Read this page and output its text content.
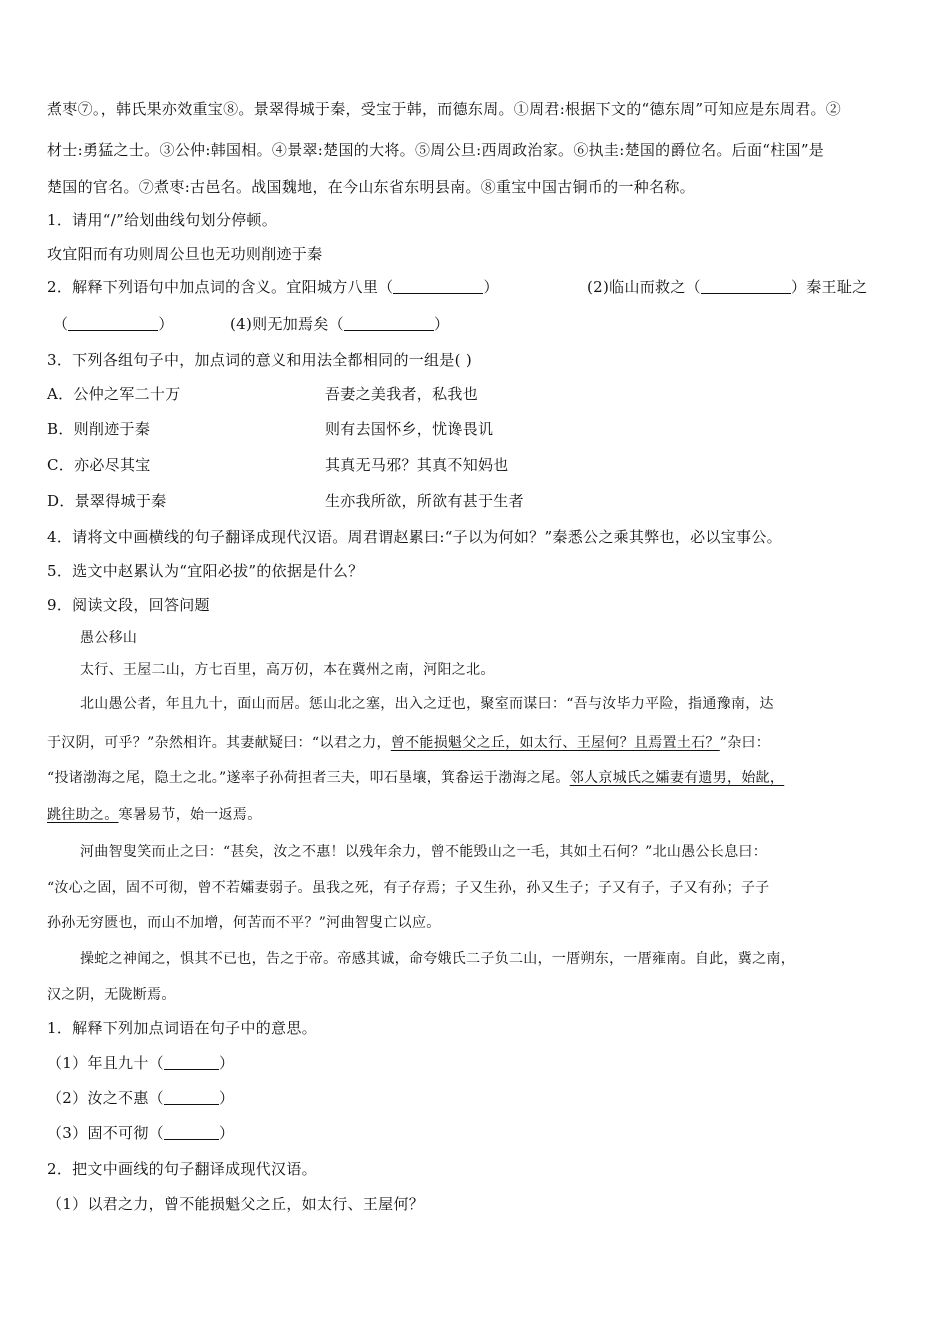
煮枣⑦。，韩氏果亦效重宝⑧。景翠得城于秦，受宝于韩，而德东周。①周君:根据下文的“德东周”可知应是东周君。②
材士:勇猛之士。③公仲:韩国相。④景翠:楚国的大将。⑤周公旦:西周政治家。⑥执圭:楚国的爵位名。后面“柱国”是
楚国的官名。⑦煮枣:古邑名。战国魏地，在今山东省东明县南。⑧重宝中国古铜币的一种名称。
1．请用“/”给划曲线句划分停顿。
攻宜阳而有功则周公旦也无功则削迹于秦
2．解释下列语句中加点词的含义。宜阳城方八里（	）	(2)临山而救之（	）秦王耻之
（	）	(4)则无加焉矣（	）
3．下列各组句子中，加点词的意义和用法全都相同的一组是( )
A．公仲之军二十万	吾妻之美我者，私我也
B．则削迹于秦	则有去国怀乡，忧谗畏讥
C．亦必尽其宝	其真无马邪？其真不知妈也
D．景翠得城于秦	生亦我所欲，所欲有甚于生者
4．请将文中画横线的句子翻译成现代汉语。周君谓赵累曰:“子以为何如？”秦悉公之乘其弊也，必以宝事公。
5．选文中赵累认为“宜阳必拔”的依据是什么？
9．阅读文段，回答问题
愚公移山
太行、王屋二山，方七百里，高万仞，本在冀州之南，河阳之北。
北山愚公者，年且九十，面山而居。惩山北之塞，出入之迂也，聚室而谋曰：“吾与汝毕力平险，指通豫南，达
于汉阴，可乎？”杂然相许。其妻献疑曰：“以君之力，曾不能损魁父之丘，如太行、王屋何？且焉置土石？”杂曰：
“投诸渤海之尾，隐土之北。”遂率子孙荷担者三夫，叩石垦壤，箕畚运于渤海之尾。邻人京城氏之孀妻有遗男，始龀，
跳往助之。寒暑易节，始一返焉。
河曲智叟笑而止之曰：“甚矣，汝之不惠！以残年余力，曾不能毁山之一毛，其如土石何？”北山愚公长息曰：
“汝心之固，固不可彻，曾不若孀妻弱子。虽我之死，有子存焉；子又生孙，孙又生子；子又有子，子又有孙；子子
孙孙无穷匮也，而山不加增，何苦而不平？”河曲智叟亡以应。
操蛇之神闻之，惧其不已也，告之于帝。帝感其诚，命夸娥氏二子负二山，一厝朔东，一厝雍南。自此，冀之南，
汉之阴，无陇断焉。
1．解释下列加点词语在句子中的意思。
（1）年且九十（	）
（2）汝之不惠（	）
（3）固不可彻（	）
2．把文中画线的句子翻译成现代汉语。
（1）以君之力，曾不能损魁父之丘，如太行、王屋何？
